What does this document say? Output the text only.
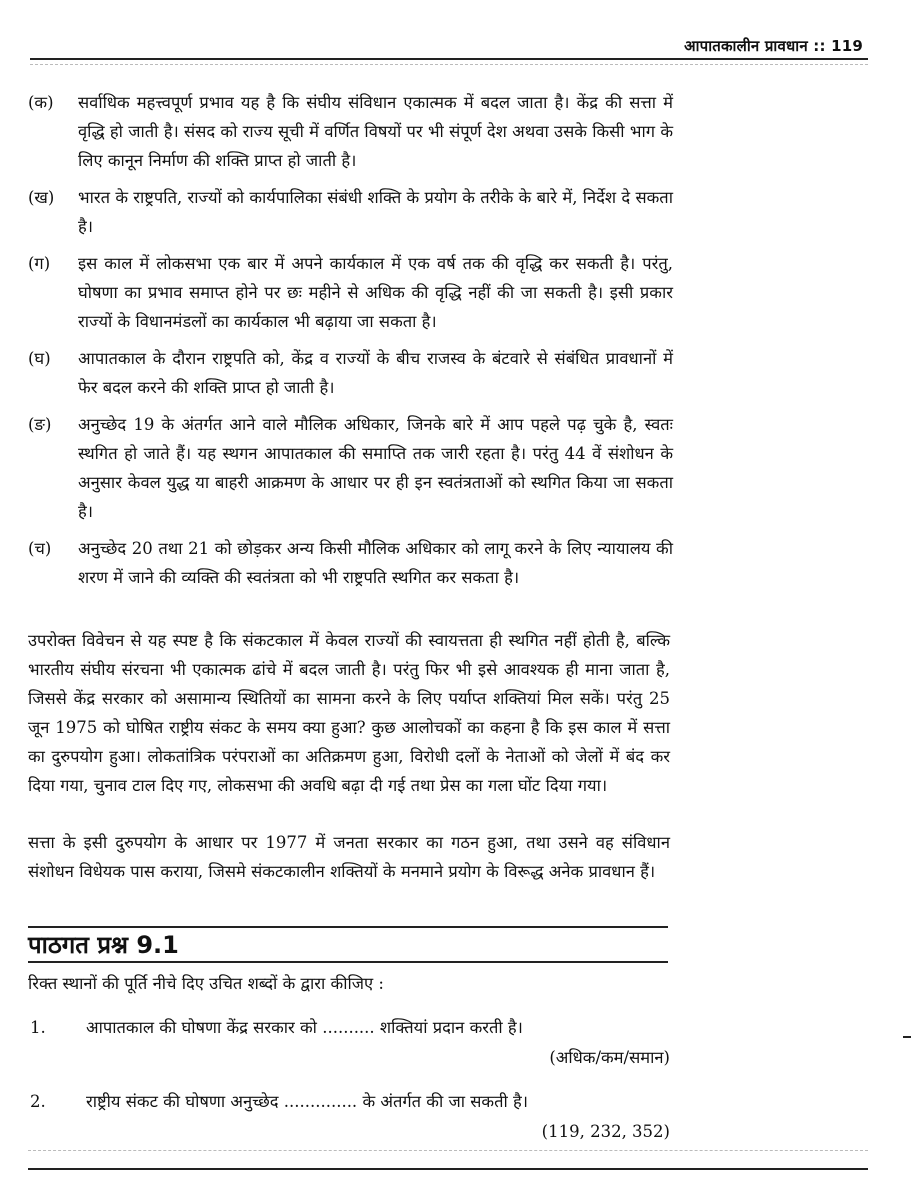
आपातकालीन प्रावधान :: 119
(क)	सर्वाधिक महत्त्वपूर्ण प्रभाव यह है कि संघीय संविधान एकात्मक में बदल जाता है। केंद्र की सत्ता में वृद्धि हो जाती है। संसद को राज्य सूची में वर्णित विषयों पर भी संपूर्ण देश अथवा उसके किसी भाग के लिए कानून निर्माण की शक्ति प्राप्त हो जाती है।
(ख)	भारत के राष्ट्रपति, राज्यों को कार्यपालिका संबंधी शक्ति के प्रयोग के तरीके के बारे में, निर्देश दे सकता है।
(ग)	इस काल में लोकसभा एक बार में अपने कार्यकाल में एक वर्ष तक की वृद्धि कर सकती है। परंतु, घोषणा का प्रभाव समाप्त होने पर छः महीने से अधिक की वृद्धि नहीं की जा सकती है। इसी प्रकार राज्यों के विधानमंडलों का कार्यकाल भी बढ़ाया जा सकता है।
(घ)	आपातकाल के दौरान राष्ट्रपति को, केंद्र व राज्यों के बीच राजस्व के बंटवारे से संबंधित प्रावधानों में फेर बदल करने की शक्ति प्राप्त हो जाती है।
(ङ)	अनुच्छेद 19 के अंतर्गत आने वाले मौलिक अधिकार, जिनके बारे में आप पहले पढ़ चुके है, स्वतः स्थगित हो जाते हैं। यह स्थगन आपातकाल की समाप्ति तक जारी रहता है। परंतु 44 वें संशोधन के अनुसार केवल युद्ध या बाहरी आक्रमण के आधार पर ही इन स्वतंत्रताओं को स्थगित किया जा सकता है।
(च)	अनुच्छेद 20 तथा 21 को छोड़कर अन्य किसी मौलिक अधिकार को लागू करने के लिए न्यायालय की शरण में जाने की व्यक्ति की स्वतंत्रता को भी राष्ट्रपति स्थगित कर सकता है।
उपरोक्त विवेचन से यह स्पष्ट है कि संकटकाल में केवल राज्यों की स्वायत्तता ही स्थगित नहीं होती है, बल्कि भारतीय संघीय संरचना भी एकात्मक ढांचे में बदल जाती है। परंतु फिर भी इसे आवश्यक ही माना जाता है, जिससे केंद्र सरकार को असामान्य स्थितियों का सामना करने के लिए पर्याप्त शक्तियां मिल सकें। परंतु 25 जून 1975 को घोषित राष्ट्रीय संकट के समय क्या हुआ? कुछ आलोचकों का कहना है कि इस काल में सत्ता का दुरुपयोग हुआ। लोकतांत्रिक परंपराओं का अतिक्रमण हुआ, विरोधी दलों के नेताओं को जेलों में बंद कर दिया गया, चुनाव टाल दिए गए, लोकसभा की अवधि बढ़ा दी गई तथा प्रेस का गला घोंट दिया गया।
सत्ता के इसी दुरुपयोग के आधार पर 1977 में जनता सरकार का गठन हुआ, तथा उसने वह संविधान संशोधन विधेयक पास कराया, जिसमे संकटकालीन शक्तियों के मनमाने प्रयोग के विरूद्ध अनेक प्रावधान हैं।
पाठगत प्रश्न 9.1
रिक्त स्थानों की पूर्ति नीचे दिए उचित शब्दों के द्वारा कीजिए :
1. आपातकाल की घोषणा केंद्र सरकार को .......... शक्तियां प्रदान करती है।
(अधिक/कम/समान)
2. राष्ट्रीय संकट की घोषणा अनुच्छेद .............. के अंतर्गत की जा सकती है।
(119, 232, 352)
